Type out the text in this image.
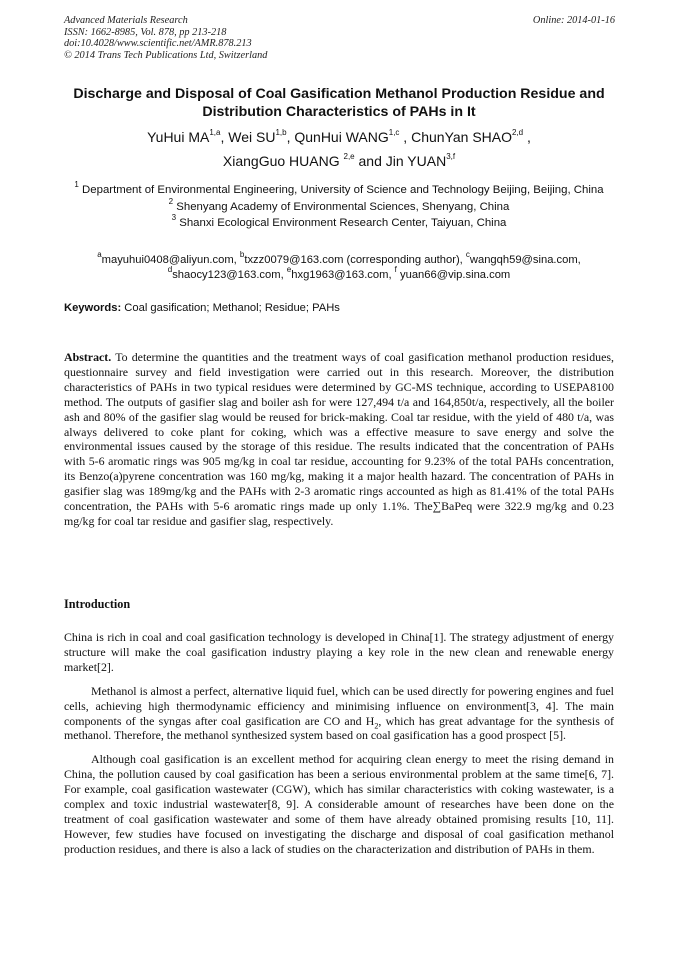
Advanced Materials Research
ISSN: 1662-8985, Vol. 878, pp 213-218
doi:10.4028/www.scientific.net/AMR.878.213
© 2014 Trans Tech Publications Ltd, Switzerland
Online: 2014-01-16
Discharge and Disposal of Coal Gasification Methanol Production Residue and Distribution Characteristics of PAHs in It
YuHui MA$^{1,a}$, Wei SU$^{1,b}$, QunHui WANG$^{1,c}$ , ChunYan SHAO$^{2,d}$ ,
XiangGuo HUANG $^{2,e}$ and Jin YUAN$^{3,f}$
$^1$ Department of Environmental Engineering, University of Science and Technology Beijing, Beijing, China
$^2$ Shenyang Academy of Environmental Sciences, Shenyang, China
$^3$ Shanxi Ecological Environment Research Center, Taiyuan, China
$^a$mayuhui0408@aliyun.com, $^b$txzz0079@163.com (corresponding author), $^c$wangqh59@sina.com,
$^d$shaocy123@163.com, $^e$hxg1963@163.com, $^f$ yuan66@vip.sina.com
Keywords: Coal gasification; Methanol; Residue; PAHs

Abstract. To determine the quantities and the treatment ways of coal gasification methanol production residues, questionnaire survey and field investigation were carried out in this research. Moreover, the distribution characteristics of PAHs in two typical residues were determined by GC-MS technique, according to USEPA8100 method. The outputs of gasifier slag and boiler ash for were 127,494 t/a and 164,850t/a, respectively, all the boiler ash and 80% of the gasifier slag would be reused for brick-making. Coal tar residue, with the yield of 480 t/a, was always delivered to coke plant for coking, which was a effective measure to save energy and solve the environmental issues caused by the storage of this residue. The results indicated that the concentration of PAHs with 5-6 aromatic rings was 905 mg/kg in coal tar residue, accounting for 9.23% of the total PAHs concentration, its Benzo(a)pyrene concentration was 160 mg/kg, making it a major health hazard. The concentration of PAHs in gasifier slag was 189mg/kg and the PAHs with 2-3 aromatic rings accounted as high as 81.41% of the total PAHs concentration, the PAHs with 5-6 aromatic rings made up only 1.1%. The∑BaPeq were 322.9 mg/kg and 0.23 mg/kg for coal tar residue and gasifier slag, respectively.

Introduction

China is rich in coal and coal gasification technology is developed in China[1]. The strategy adjustment of energy structure will make the coal gasification industry playing a key role in the new clean and renewable energy market[2].

Methanol is almost a perfect, alternative liquid fuel, which can be used directly for powering engines and fuel cells, achieving high thermodynamic efficiency and minimising influence on environment[3, 4]. The main components of the syngas after coal gasification are CO and $H_2$, which has great advantage for the synthesis of methanol. Therefore, the methanol synthesized system based on coal gasification has a good prospect [5].

Although coal gasification is an excellent method for acquiring clean energy to meet the rising demand in China, the pollution caused by coal gasification has been a serious environmental problem at the same time[6, 7]. For example, coal gasification wastewater (CGW), which has similar characteristics with coking wastewater, is a complex and toxic industrial wastewater[8, 9]. A considerable amount of researches have been done on the treatment of coal gasification wastewater and some of them have already obtained promising results [10, 11]. However, few studies have focused on investigating the discharge and disposal of coal gasification methanol production residues, and there is also a lack of studies on the characterization and distribution of PAHs in them.
